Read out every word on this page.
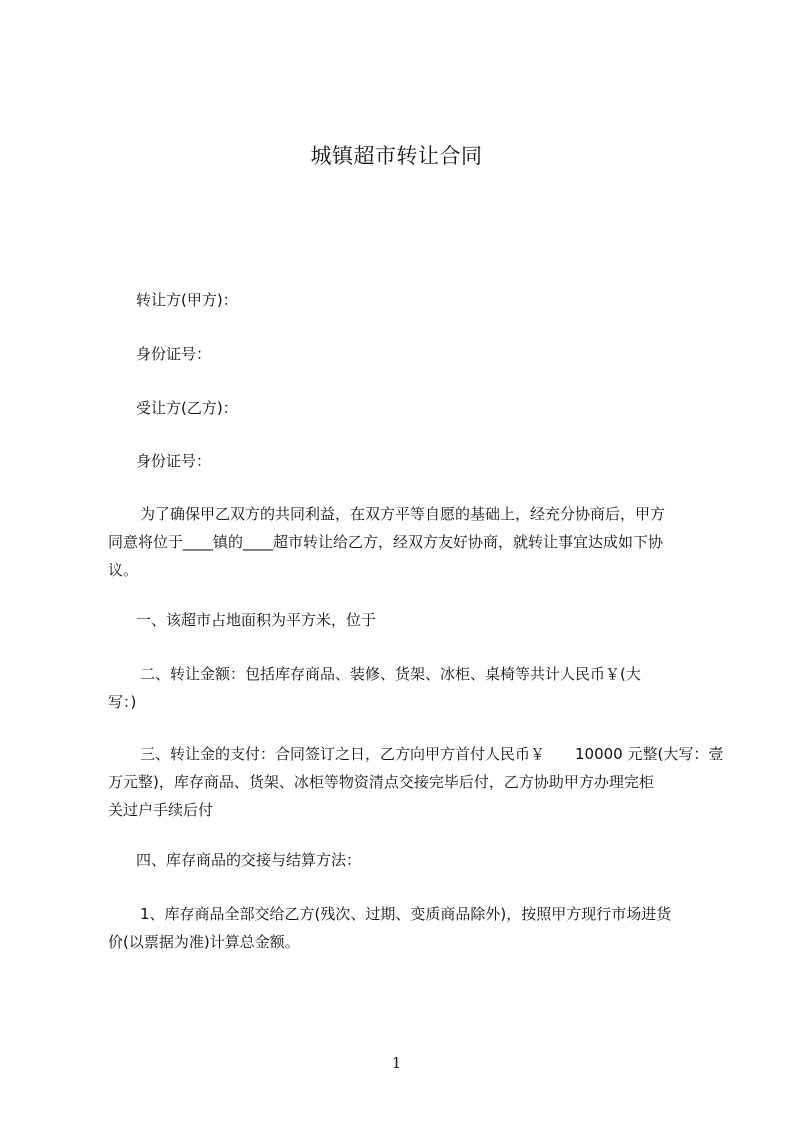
城镇超市转让合同
转让方(甲方)：
身份证号：
受让方(乙方)：
身份证号：
为了确保甲乙双方的共同利益，在双方平等自愿的基础上，经充分协商后，甲方
同意将位于____镇的____超市转让给乙方，经双方友好协商，就转让事宜达成如下协
议。
一、该超市占地面积为平方米，位于
二、转让金额：包括库存商品、装修、货架、冰柜、桌椅等共计人民币￥(大
写：)
三、转让金的支付：合同签订之日，乙方向甲方首付人民币￥　　10000 元整(大写：壹
万元整)，库存商品、货架、冰柜等物资清点交接完毕后付，乙方协助甲方办理完柜
关过户手续后付
四、库存商品的交接与结算方法：
1、库存商品全部交给乙方(残次、过期、变质商品除外)，按照甲方现行市场进货
价(以票据为准)计算总金额。
1
